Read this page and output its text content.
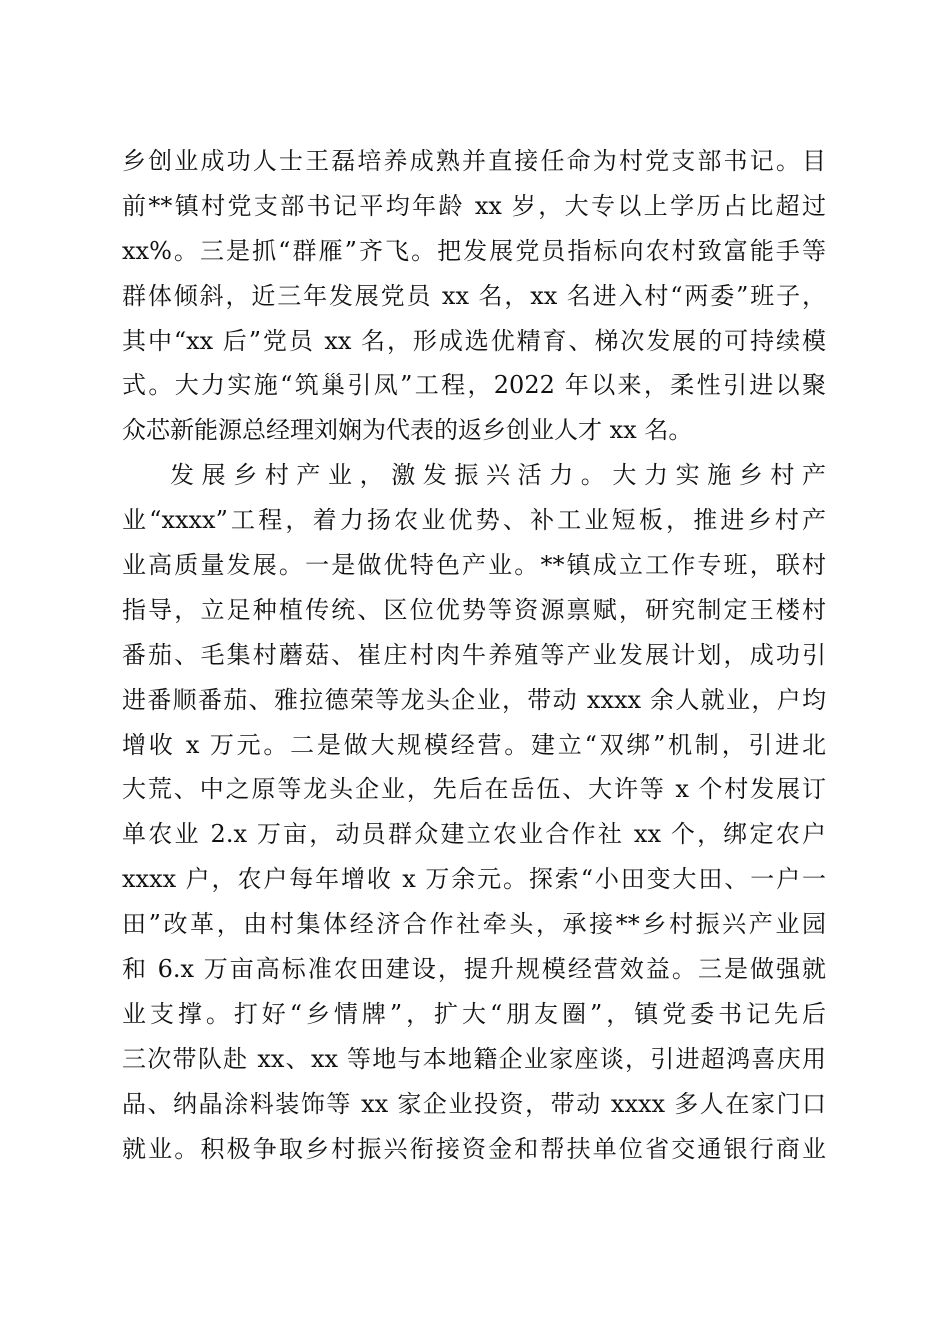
乡创业成功人士王磊培养成熟并直接任命为村党支部书记。目
前**镇村党支部书记平均年龄 xx 岁，大专以上学历占比超过
xx%。三是抓“群雁”齐飞。把发展党员指标向农村致富能手等
群体倾斜，近三年发展党员 xx 名，xx 名进入村“两委”班子，
其中“xx 后”党员 xx 名，形成选优精育、梯次发展的可持续模
式。大力实施“筑巢引凤”工程，2022 年以来，柔性引进以聚
众芯新能源总经理刘娴为代表的返乡创业人才 xx 名。
发展乡村产业，激发振兴活力。大力实施乡村产
业“xxxx”工程，着力扬农业优势、补工业短板，推进乡村产
业高质量发展。一是做优特色产业。**镇成立工作专班，联村
指导，立足种植传统、区位优势等资源禀赋，研究制定王楼村
番茄、毛集村蘑菇、崔庄村肉牛养殖等产业发展计划，成功引
进番顺番茄、雅拉德荣等龙头企业，带动 xxxx 余人就业，户均
增收 x 万元。二是做大规模经营。建立“双绑”机制，引进北
大荒、中之原等龙头企业，先后在岳伍、大许等 x 个村发展订
单农业 2.x 万亩，动员群众建立农业合作社 xx 个，绑定农户
xxxx 户，农户每年增收 x 万余元。探索“小田变大田、一户一
田”改革，由村集体经济合作社牵头，承接**乡村振兴产业园
和 6.x 万亩高标准农田建设，提升规模经营效益。三是做强就
业支撑。打好“乡情牌”，扩大“朋友圈”，镇党委书记先后
三次带队赴 xx、xx 等地与本地籍企业家座谈，引进超鸿喜庆用
品、纳晶涂料装饰等 xx 家企业投资，带动 xxxx 多人在家门口
就业。积极争取乡村振兴衔接资金和帮扶单位省交通银行商业
